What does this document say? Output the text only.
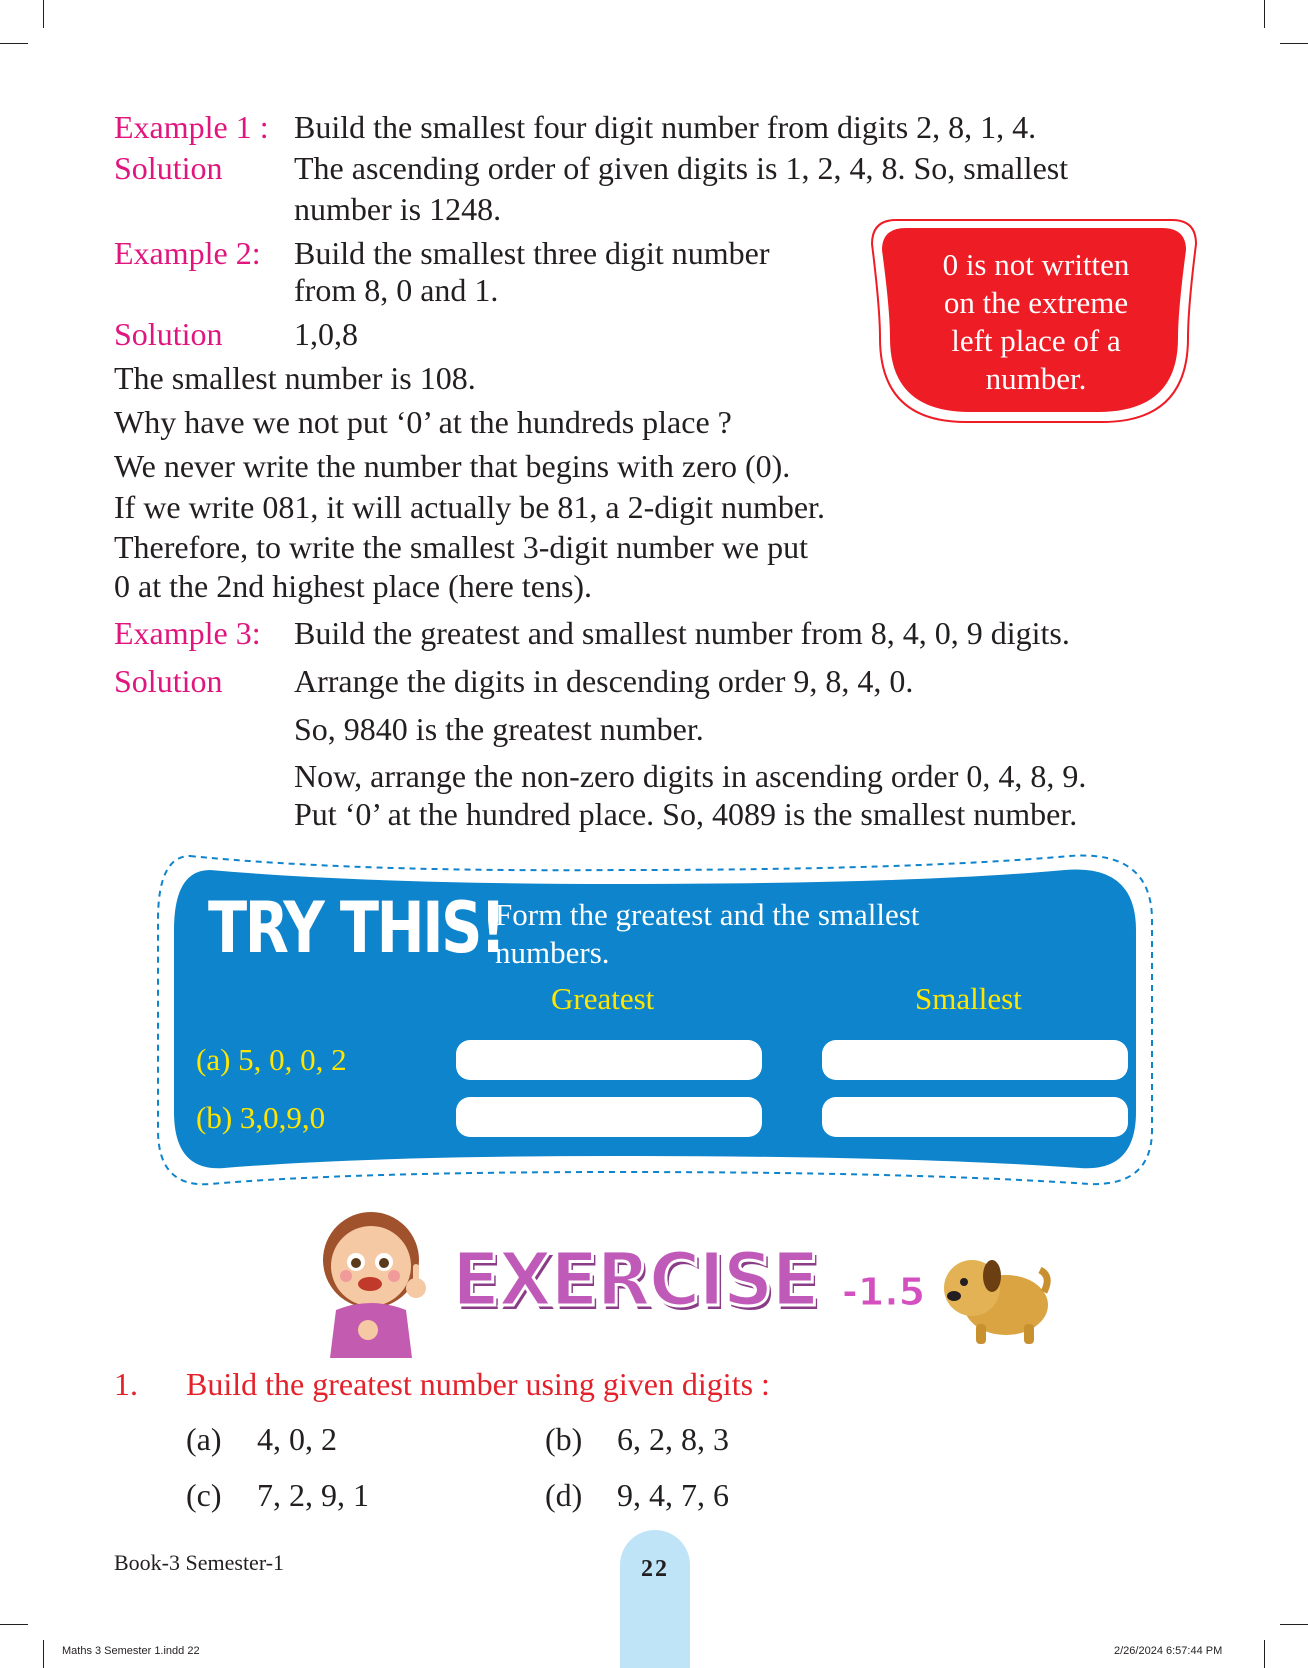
Example 1 : Build the smallest four digit number from digits 2, 8, 1, 4.
Solution The ascending order of given digits is 1, 2, 4, 8. So, smallest
number is 1248.
Example 2: Build the smallest three digit number
from 8, 0 and 1.
Solution 1,0,8
The smallest number is 108.
Why have we not put ‘0’ at the hundreds place ?
We never write the number that begins with zero (0).
If we write 081, it will actually be 81, a 2-digit number.
Therefore, to write the smallest 3-digit number we put
0 at the 2nd highest place (here tens).
0 is not written
on the extreme
left place of a
number.
Example 3: Build the greatest and smallest number from 8, 4, 0, 9 digits.
Solution Arrange the digits in descending order 9, 8, 4, 0.
So, 9840 is the greatest number.
Now, arrange the non-zero digits in ascending order 0, 4, 8, 9.
Put ‘0’ at the hundred place. So, 4089 is the smallest number.
TRY THIS!
Form the greatest and the smallest
numbers.
Greatest	Smallest
(a) 5, 0, 0, 2
(b) 3,0,9,0
EXERCISE -1.5
1. Build the greatest number using given digits :
(a) 4, 0, 2	(b) 6, 2, 8, 3
(c) 7, 2, 9, 1	(d) 9, 4, 7, 6
Book-3 Semester-1	22
Maths 3 Semester 1.indd 22	2/26/2024 6:57:44 PM
